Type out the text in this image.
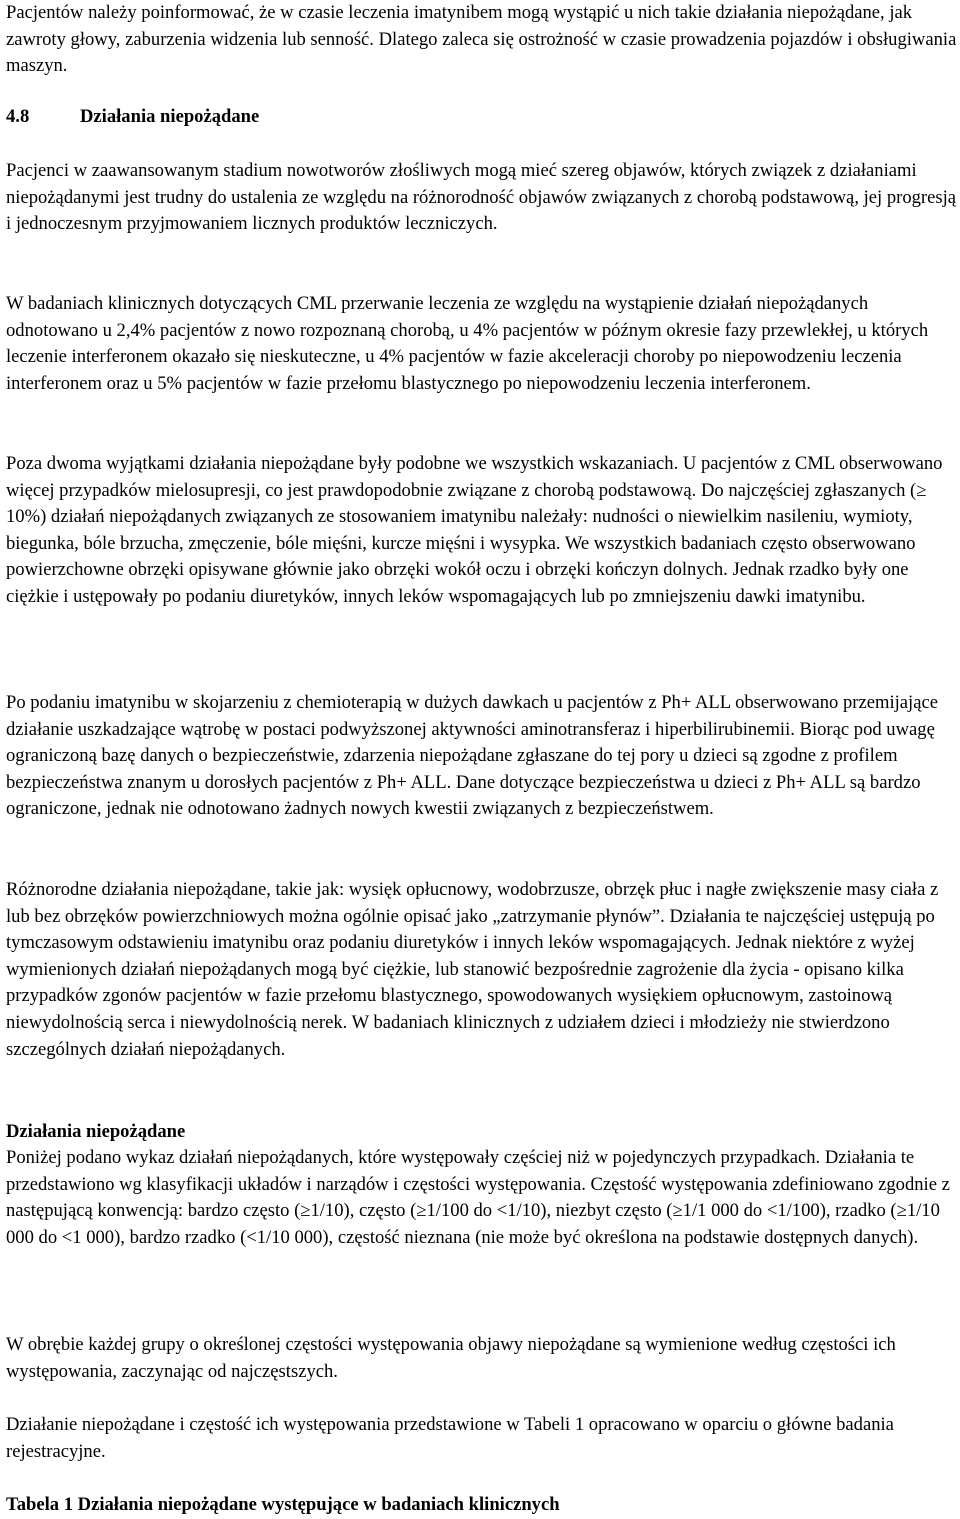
Pacjentów należy poinformować, że w czasie leczenia imatynibem mogą wystąpić u nich takie działania niepożądane, jak zawroty głowy, zaburzenia widzenia lub senność. Dlatego zaleca się ostrożność w czasie prowadzenia pojazdów i obsługiwania maszyn.

4.8	Działania niepożądane

Pacjenci w zaawansowanym stadium nowotworów złośliwych mogą mieć szereg objawów, których związek z działaniami niepożądanymi jest trudny do ustalenia ze względu na różnorodność objawów związanych z chorobą podstawową, jej progresją i jednoczesnym przyjmowaniem licznych produktów leczniczych.

W badaniach klinicznych dotyczących CML przerwanie leczenia ze względu na wystąpienie działań niepożądanych odnotowano u 2,4% pacjentów z nowo rozpoznaną chorobą, u 4% pacjentów w późnym okresie fazy przewlekłej, u których leczenie interferonem okazało się nieskuteczne, u 4% pacjentów w fazie akceleracji choroby po niepowodzeniu leczenia interferonem oraz u 5% pacjentów w fazie przełomu blastycznego po niepowodzeniu leczenia interferonem.

Poza dwoma wyjątkami działania niepożądane były podobne we wszystkich wskazaniach. U pacjentów z CML obserwowano więcej przypadków mielosupresji, co jest prawdopodobnie związane z chorobą podstawową. Do najczęściej zgłaszanych (≥ 10%) działań niepożądanych związanych ze stosowaniem imatynibu należały: nudności o niewielkim nasileniu, wymioty, biegunka, bóle brzucha, zmęczenie, bóle mięśni, kurcze mięśni i wysypka. We wszystkich badaniach często obserwowano powierzchowne obrzęki opisywane głównie jako obrzęki wokół oczu i obrzęki kończyn dolnych. Jednak rzadko były one ciężkie i ustępowały po podaniu diuretyków, innych leków wspomagających lub po zmniejszeniu dawki imatynibu.

Po podaniu imatynibu w skojarzeniu z chemioterapią w dużych dawkach u pacjentów z Ph+ ALL obserwowano przemijające działanie uszkadzające wątrobę w postaci podwyższonej aktywności aminotransferaz i hiperbilirubinemii. Biorąc pod uwagę ograniczoną bazę danych o bezpieczeństwie, zdarzenia niepożądane zgłaszane do tej pory u dzieci są zgodne z profilem bezpieczeństwa znanym u dorosłych pacjentów z Ph+ ALL. Dane dotyczące bezpieczeństwa u dzieci z Ph+ ALL są bardzo ograniczone, jednak nie odnotowano żadnych nowych kwestii związanych z bezpieczeństwem.

Różnorodne działania niepożądane, takie jak: wysięk opłucnowy, wodobrzusze, obrzęk płuc i nagłe zwiększenie masy ciała z lub bez obrzęków powierzchniowych można ogólnie opisać jako „zatrzymanie płynów”. Działania te najczęściej ustępują po tymczasowym odstawieniu imatynibu oraz podaniu diuretyków i innych leków wspomagających. Jednak niektóre z wyżej wymienionych działań niepożądanych mogą być ciężkie, lub stanowić bezpośrednie zagrożenie dla życia - opisano kilka przypadków zgonów pacjentów w fazie przełomu blastycznego, spowodowanych wysiękiem opłucnowym, zastoinową niewydolnością serca i niewydolnością nerek. W badaniach klinicznych z udziałem dzieci i młodzieży nie stwierdzono szczególnych działań niepożądanych.

Działania niepożądane

Poniżej podano wykaz działań niepożądanych, które występowały częściej niż w pojedynczych przypadkach. Działania te przedstawiono wg klasyfikacji układów i narządów i częstości występowania. Częstość występowania zdefiniowano zgodnie z następującą konwencją: bardzo często (≥1/10), często (≥1/100 do <1/10), niezbyt często (≥1/1 000 do <1/100), rzadko (≥1/10 000 do <1 000), bardzo rzadko (<1/10 000), częstość nieznana (nie może być określona na podstawie dostępnych danych).

W obrębie każdej grupy o określonej częstości występowania objawy niepożądane są wymienione według częstości ich występowania, zaczynając od najczęstszych.

Działanie niepożądane i częstość ich występowania przedstawione w Tabeli 1 opracowano w oparciu o główne badania rejestracyjne.

Tabela 1 Działania niepożądane występujące w badaniach klinicznych
